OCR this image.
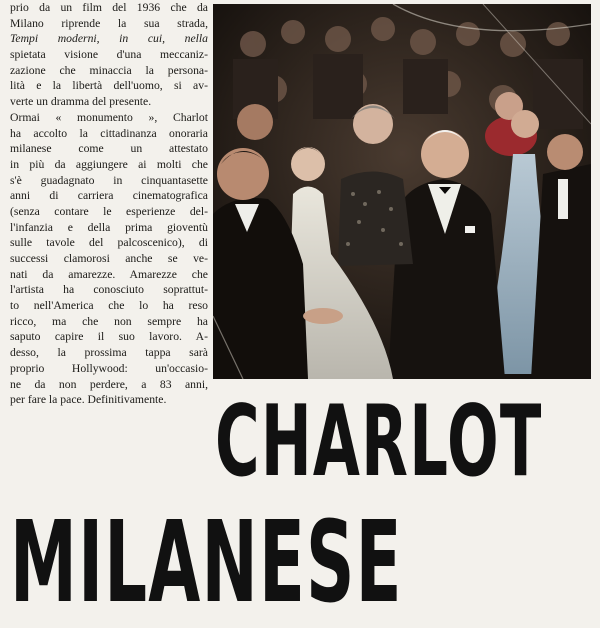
prio da un film del 1936 che da
Milano riprende la sua strada,
Tempi moderni, in cui, nella
spietata visione d'una meccaniz-
zazione che minaccia la persona-
lità e la libertà dell'uomo, si av-
verte un dramma del presente.
Ormai « monumento », Charlot
ha accolto la cittadinanza onoraria
milanese come un attestato
in più da aggiungere ai molti che
s'è guadagnato in cinquantasette
anni di carriera cinematografica
(senza contare le esperienze del-
l'infanzia e della prima gioventù
sulle tavole del palcoscenico), di
successi clamorosi anche se ve-
nati da amarezze. Amarezze che
l'artista ha conosciuto soprattut-
to nell'America che lo ha reso
ricco, ma che non sempre ha
saputo capire il suo lavoro. A-
desso, la prossima tappa sarà
proprio Hollywood: un'occasio-
ne da non perdere, a 83 anni,
per fare la pace. Definitivamente. CHARLOT
MILANESE
